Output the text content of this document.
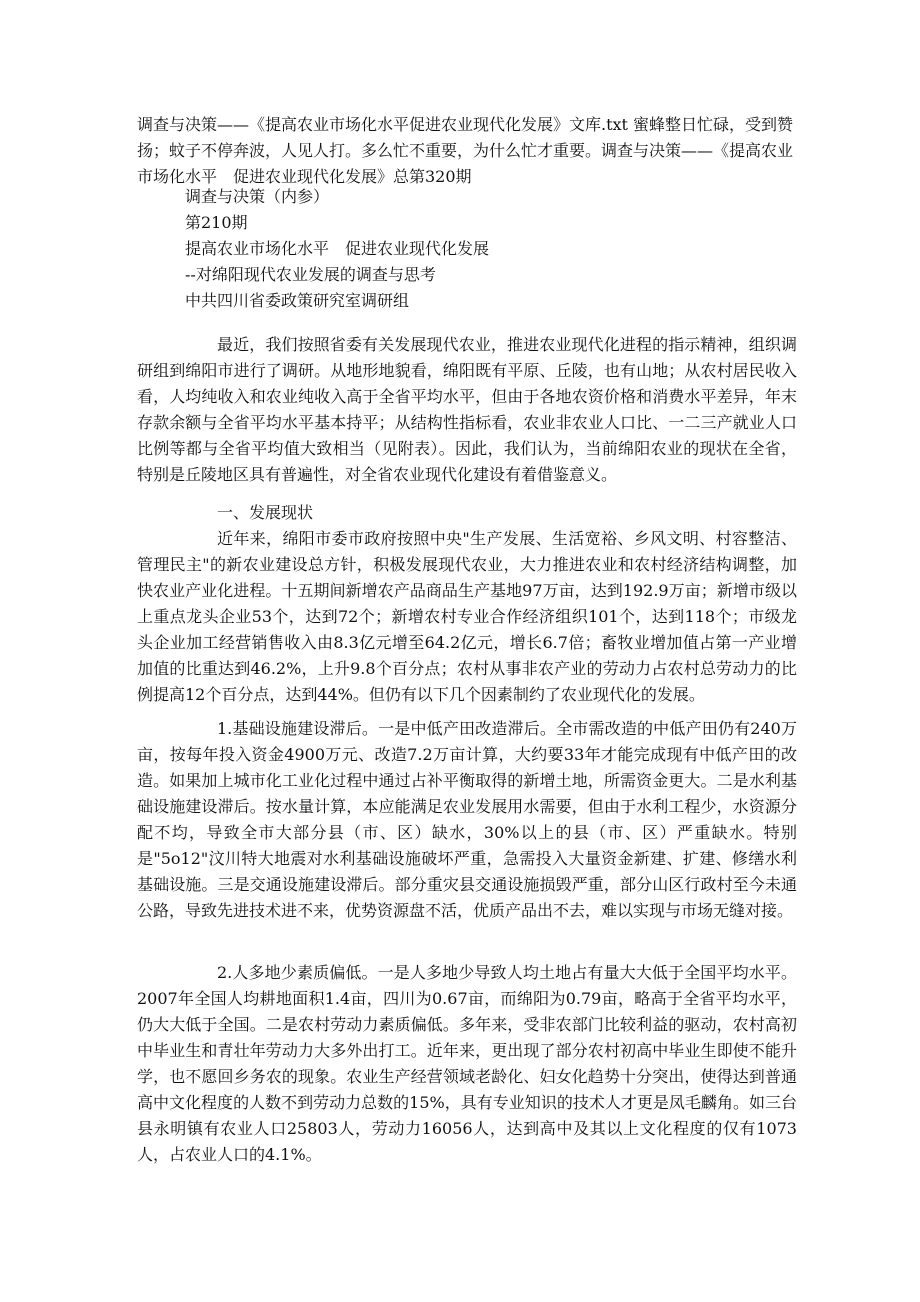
调查与决策——《提高农业市场化水平促进农业现代化发展》文库.txt 蜜蜂整日忙碌，受到赞扬；蚊子不停奔波，人见人打。多么忙不重要，为什么忙才重要。调查与决策——《提高农业市场化水平　促进农业现代化发展》总第320期
调查与决策（内参）
第210期
提高农业市场化水平　促进农业现代化发展
--对绵阳现代农业发展的调查与思考
中共四川省委政策研究室调研组
最近，我们按照省委有关发展现代农业，推进农业现代化进程的指示精神，组织调研组到绵阳市进行了调研。从地形地貌看，绵阳既有平原、丘陵，也有山地；从农村居民收入看，人均纯收入和农业纯收入高于全省平均水平，但由于各地农资价格和消费水平差异，年末存款余额与全省平均水平基本持平；从结构性指标看，农业非农业人口比、一二三产就业人口比例等都与全省平均值大致相当（见附表）。因此，我们认为，当前绵阳农业的现状在全省，特别是丘陵地区具有普遍性，对全省农业现代化建设有着借鉴意义。
一、发展现状
近年来，绵阳市委市政府按照中央"生产发展、生活宽裕、乡风文明、村容整洁、管理民主"的新农业建设总方针，积极发展现代农业，大力推进农业和农村经济结构调整，加快农业产业化进程。十五期间新增农产品商品生产基地97万亩，达到192.9万亩；新增市级以上重点龙头企业53个，达到72个；新增农村专业合作经济组织101个，达到118个；市级龙头企业加工经营销售收入由8.3亿元增至64.2亿元，增长6.7倍；畜牧业增加值占第一产业增加值的比重达到46.2%，上升9.8个百分点；农村从事非农产业的劳动力占农村总劳动力的比例提高12个百分点，达到44%。但仍有以下几个因素制约了农业现代化的发展。
1.基础设施建设滞后。一是中低产田改造滞后。全市需改造的中低产田仍有240万亩，按每年投入资金4900万元、改造7.2万亩计算，大约要33年才能完成现有中低产田的改造。如果加上城市化工业化过程中通过占补平衡取得的新增土地，所需资金更大。二是水利基础设施建设滞后。按水量计算，本应能满足农业发展用水需要，但由于水利工程少，水资源分配不均，导致全市大部分县（市、区）缺水，30%以上的县（市、区）严重缺水。特别是"5o12"汶川特大地震对水利基础设施破坏严重，急需投入大量资金新建、扩建、修缮水利基础设施。三是交通设施建设滞后。部分重灾县交通设施损毁严重，部分山区行政村至今未通公路，导致先进技术进不来，优势资源盘不活，优质产品出不去，难以实现与市场无缝对接。
2.人多地少素质偏低。一是人多地少导致人均土地占有量大大低于全国平均水平。2007年全国人均耕地面积1.4亩，四川为0.67亩，而绵阳为0.79亩，略高于全省平均水平，仍大大低于全国。二是农村劳动力素质偏低。多年来，受非农部门比较利益的驱动，农村高初中毕业生和青壮年劳动力大多外出打工。近年来，更出现了部分农村初高中毕业生即使不能升学，也不愿回乡务农的现象。农业生产经营领域老龄化、妇女化趋势十分突出，使得达到普通高中文化程度的人数不到劳动力总数的15%，具有专业知识的技术人才更是凤毛麟角。如三台县永明镇有农业人口25803人，劳动力16056人，达到高中及其以上文化程度的仅有1073人，占农业人口的4.1%。
